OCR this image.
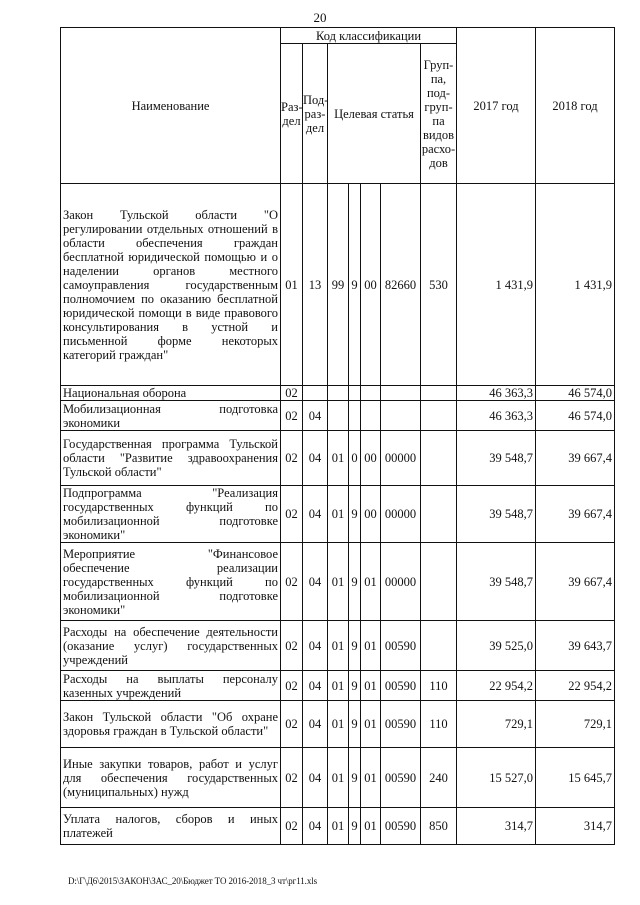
20
Наименование	Код классификации							2017 год	2018 год
	Раз-дел	Под-раз-дел	Целевая статья				Груп-па, под-груп-па видов расхо-дов		
Закон Тульской области "О регулировании отдельных отношений в области обеспечения граждан бесплатной юридической помощью и о наделении органов местного самоуправления государственным полномочием по оказанию бесплатной юридической помощи в виде правового консультирования в устной и письменной форме некоторых категорий граждан"	01	13	99	9	00	82660	530	1 431,9	1 431,9
Национальная оборона	02							46 363,3	46 574,0
Мобилизационная подготовка экономики	02	04						46 363,3	46 574,0
Государственная программа Тульской области "Развитие здравоохранения Тульской области"	02	04	01	0	00	00000		39 548,7	39 667,4
Подпрограмма "Реализация государственных функций по мобилизационной подготовке экономики"	02	04	01	9	00	00000		39 548,7	39 667,4
Мероприятие "Финансовое обеспечение реализации государственных функций по мобилизационной подготовке экономики"	02	04	01	9	01	00000		39 548,7	39 667,4
Расходы на обеспечение деятельности (оказание услуг) государственных учреждений	02	04	01	9	01	00590		39 525,0	39 643,7
Расходы на выплаты персоналу казенных учреждений	02	04	01	9	01	00590	110	22 954,2	22 954,2
Закон Тульской области "Об охране здоровья граждан в Тульской области"	02	04	01	9	01	00590	110	729,1	729,1
Иные закупки товаров, работ и услуг для обеспечения государственных (муниципальных) нужд	02	04	01	9	01	00590	240	15 527,0	15 645,7
Уплата налогов, сборов и иных платежей	02	04	01	9	01	00590	850	314,7	314,7
D:\Г\Д6\2015\ЗАКОН\ЗАС_20\Бюджет ТО 2016-2018_3 чт\рг11.xls
